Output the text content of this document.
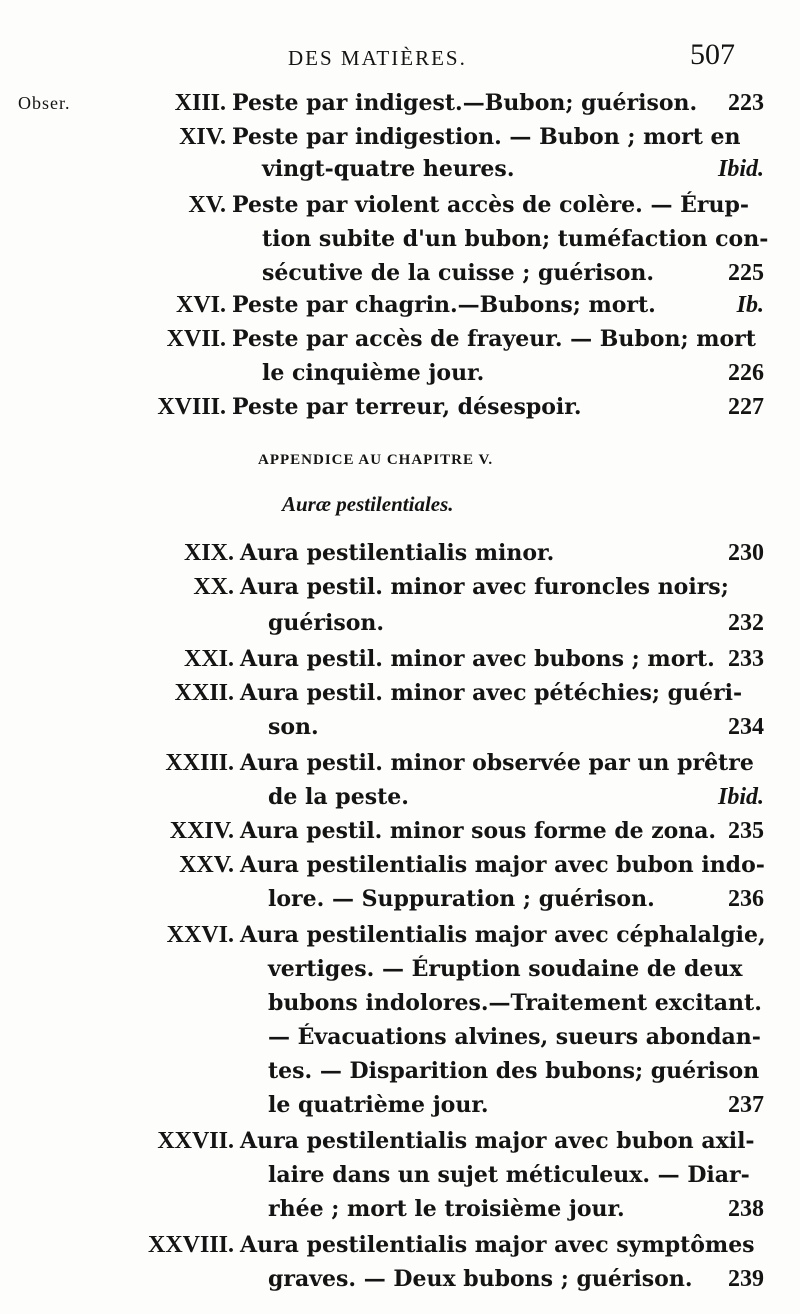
DES MATIÈRES.	507
APPENDICE AU CHAPITRE V.
Auræ pestilentiales.
Obser.	XIII. Peste par indigest.—Bubon; guérison. 223
XIV. Peste par indigestion. — Bubon ; mort en
vingt-quatre heures.	Ibid.
XV. Peste par violent accès de colère. — Érup-
tion subite d'un bubon; tuméfaction con-
sécutive de la cuisse ; guérison.	225
XVI. Peste par chagrin.—Bubons; mort.	Ib.
XVII. Peste par accès de frayeur. — Bubon; mort
le cinquième jour.	226
XVIII. Peste par terreur, désespoir.	227
XIX. Aura pestilentialis minor.	230
XX. Aura pestil. minor avec furoncles noirs;
guérison.	232
XXI. Aura pestil. minor avec bubons ; mort. 233
XXII. Aura pestil. minor avec pétéchies; guéri-
son.	234
XXIII. Aura pestil. minor observée par un prêtre
de la peste.	Ibid.
XXIV. Aura pestil. minor sous forme de zona. 235
XXV. Aura pestilentialis major avec bubon indo-
lore. — Suppuration ; guérison.	236
XXVI. Aura pestilentialis major avec céphalalgie,
vertiges. — Éruption soudaine de deux
bubons indolores.—Traitement excitant.
— Évacuations alvines, sueurs abondan-
tes. — Disparition des bubons; guérison
le quatrième jour.	237
XXVII. Aura pestilentialis major avec bubon axil-
laire dans un sujet méticuleux. — Diar-
rhée ; mort le troisième jour.	238
XXVIII. Aura pestilentialis major avec symptômes
graves. — Deux bubons ; guérison. 239
